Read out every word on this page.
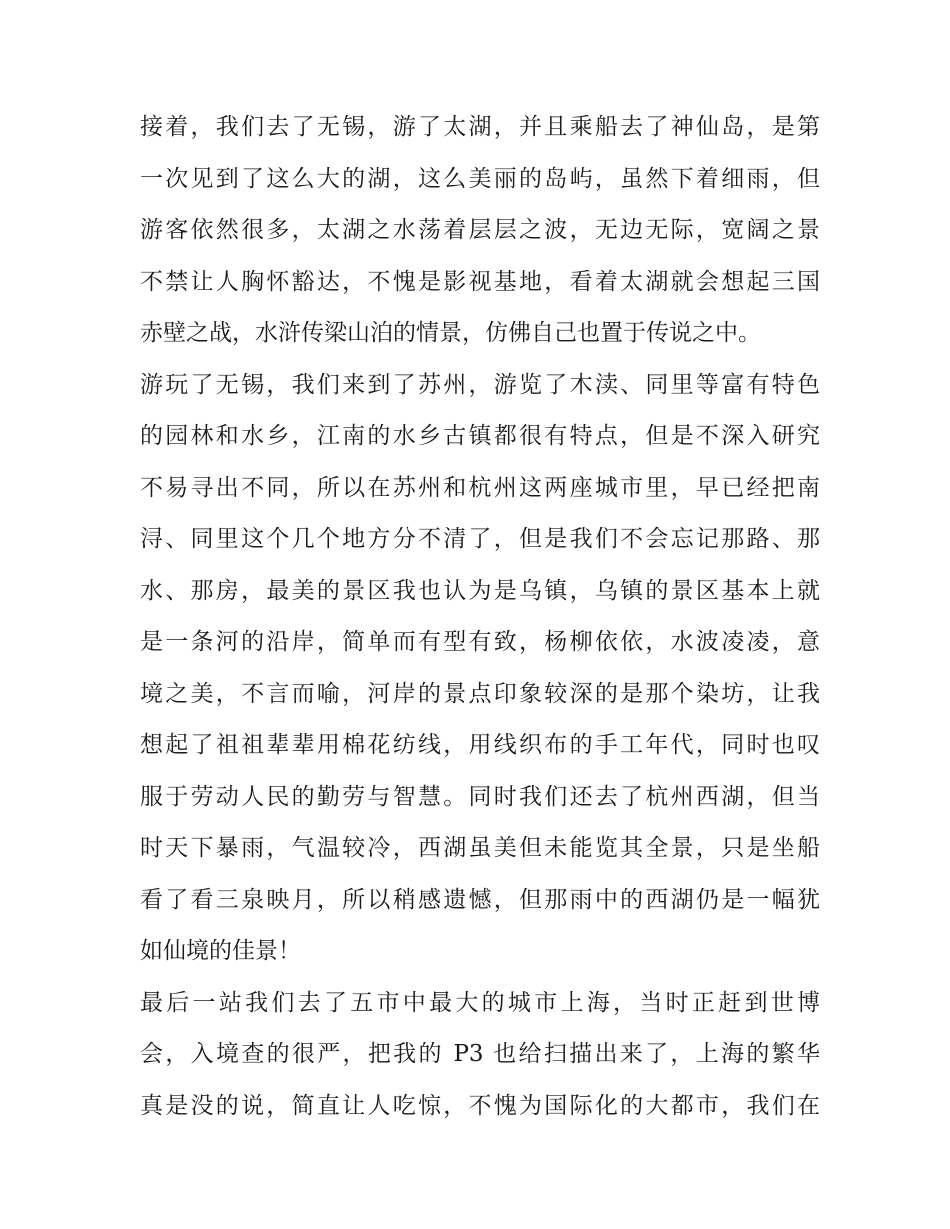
接着，我们去了无锡，游了太湖，并且乘船去了神仙岛，是第
一次见到了这么大的湖，这么美丽的岛屿，虽然下着细雨，但
游客依然很多，太湖之水荡着层层之波，无边无际，宽阔之景
不禁让人胸怀豁达，不愧是影视基地，看着太湖就会想起三国
赤壁之战，水浒传梁山泊的情景，仿佛自己也置于传说之中。
游玩了无锡，我们来到了苏州，游览了木渎、同里等富有特色
的园林和水乡，江南的水乡古镇都很有特点，但是不深入研究
不易寻出不同，所以在苏州和杭州这两座城市里，早已经把南
浔、同里这个几个地方分不清了，但是我们不会忘记那路、那
水、那房，最美的景区我也认为是乌镇，乌镇的景区基本上就
是一条河的沿岸，简单而有型有致，杨柳依依，水波凌凌，意
境之美，不言而喻，河岸的景点印象较深的是那个染坊，让我
想起了祖祖辈辈用棉花纺线，用线织布的手工年代，同时也叹
服于劳动人民的勤劳与智慧。同时我们还去了杭州西湖，但当
时天下暴雨，气温较冷，西湖虽美但未能览其全景，只是坐船
看了看三泉映月，所以稍感遗憾，但那雨中的西湖仍是一幅犹
如仙境的佳景！
最后一站我们去了五市中最大的城市上海，当时正赶到世博
会，入境查的很严，把我的 P3 也给扫描出来了，上海的繁华
真是没的说，简直让人吃惊，不愧为国际化的大都市，我们在
